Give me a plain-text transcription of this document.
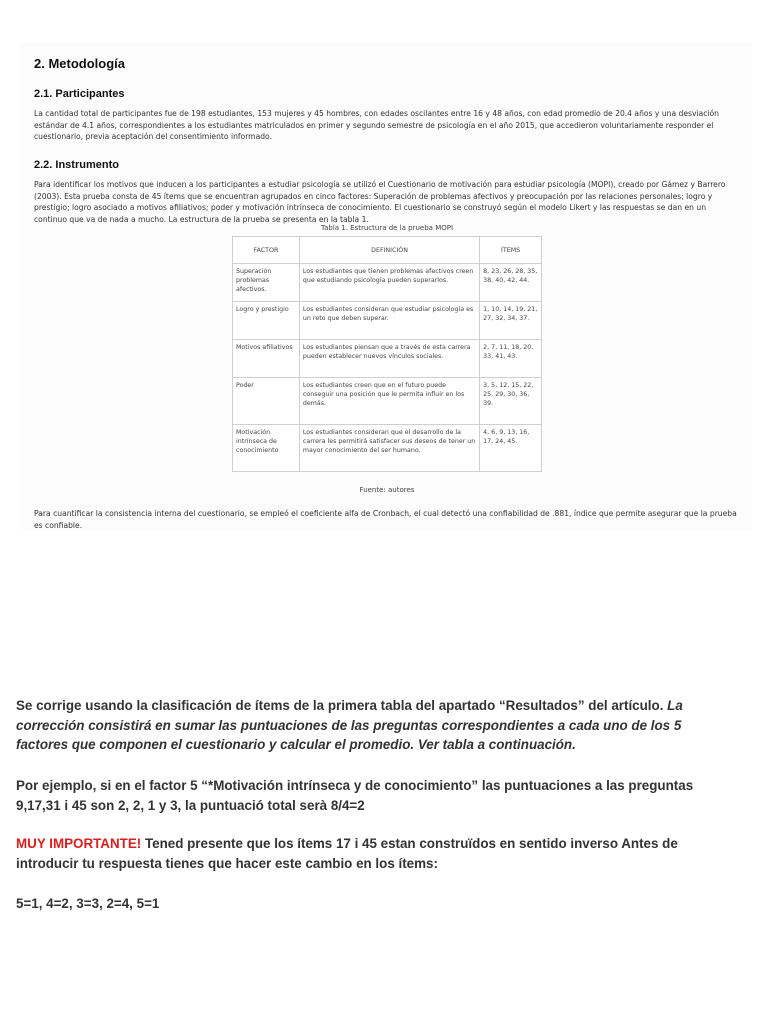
2. Metodología
2.1. Participantes

La cantidad total de participantes fue de 198 estudiantes, 153 mujeres y 45 hombres, con edades oscilantes entre 16 y 48 años, con edad promedio de 20.4 años y una desviación estándar de 4.1 años, correspondientes a los estudiantes matriculados en primer y segundo semestre de psicología en el año 2015, que accedieron voluntariamente responder el cuestionario, previa aceptación del consentimiento informado.

2.2. Instrumento

Para identificar los motivos que inducen a los participantes a estudiar psicología se utilizó el Cuestionario de motivación para estudiar psicología (MOPI), creado por Gámez y Barrero (2003). Esta prueba consta de 45 ítems que se encuentran agrupados en cinco factores: Superación de problemas afectivos y preocupación por las relaciones personales; logro y prestigio; logro asociado a motivos afiliativos; poder y motivación intrínseca de conocimiento. El cuestionario se construyó según el modelo Likert y las respuestas se dan en un continuo que va de nada a mucho. La estructura de la prueba se presenta en la tabla 1.

Tabla 1. Estructura de la prueba MOPI

FACTOR	DEFINICIÓN	ÍTEMS
Superación problemas afectivos.	Los estudiantes que tienen problemas afectivos creen que estudiando psicología pueden superarlos.	8, 23, 26, 28, 35, 38, 40, 42, 44.
Logro y prestigio	Los estudiantes consideran que estudiar psicología es un reto que deben superar.	1, 10, 14, 19, 21, 27, 32, 34, 37.
Motivos afiliativos	Los estudiantes piensan que a través de esta carrera pueden establecer nuevos vínculos sociales.	2, 7, 11, 18, 20, 33, 41, 43.
Poder	Los estudiantes creen que en el futuro puede conseguir una posición que le permita influir en los demás.	3, 5, 12, 15, 22, 25, 29, 30, 36, 39.
Motivación intrínseca de conocimiento	Los estudiantes consideran que el desarrollo de la carrera les permitirá satisfacer sus deseos de tener un mayor conocimiento del ser humano.	4, 6, 9, 13, 16, 17, 24, 45.

Fuente: autores

Para cuantificar la consistencia interna del cuestionario, se empleó el coeficiente alfa de Cronbach, el cual detectó una confiabilidad de .881, índice que permite asegurar que la prueba es confiable.

Se corrige usando la clasificación de ítems de la primera tabla del apartado “Resultados” del artículo. La corrección consistirá en sumar las puntuaciones de las preguntas correspondientes a cada uno de los 5 factores que componen el cuestionario y calcular el promedio. Ver tabla a continuación.

Por ejemplo, si en el factor 5 “*Motivación intrínseca y de conocimiento” las puntuaciones a las preguntas 9,17,31 i 45 son 2, 2, 1 y 3, la puntuació total serà 8/4=2

MUY IMPORTANTE! Tened presente que los ítems 17 i 45 estan construïdos en sentido inverso Antes de introducir tu respuesta tienes que hacer este cambio en los ítems:

5=1, 4=2, 3=3, 2=4, 5=1
